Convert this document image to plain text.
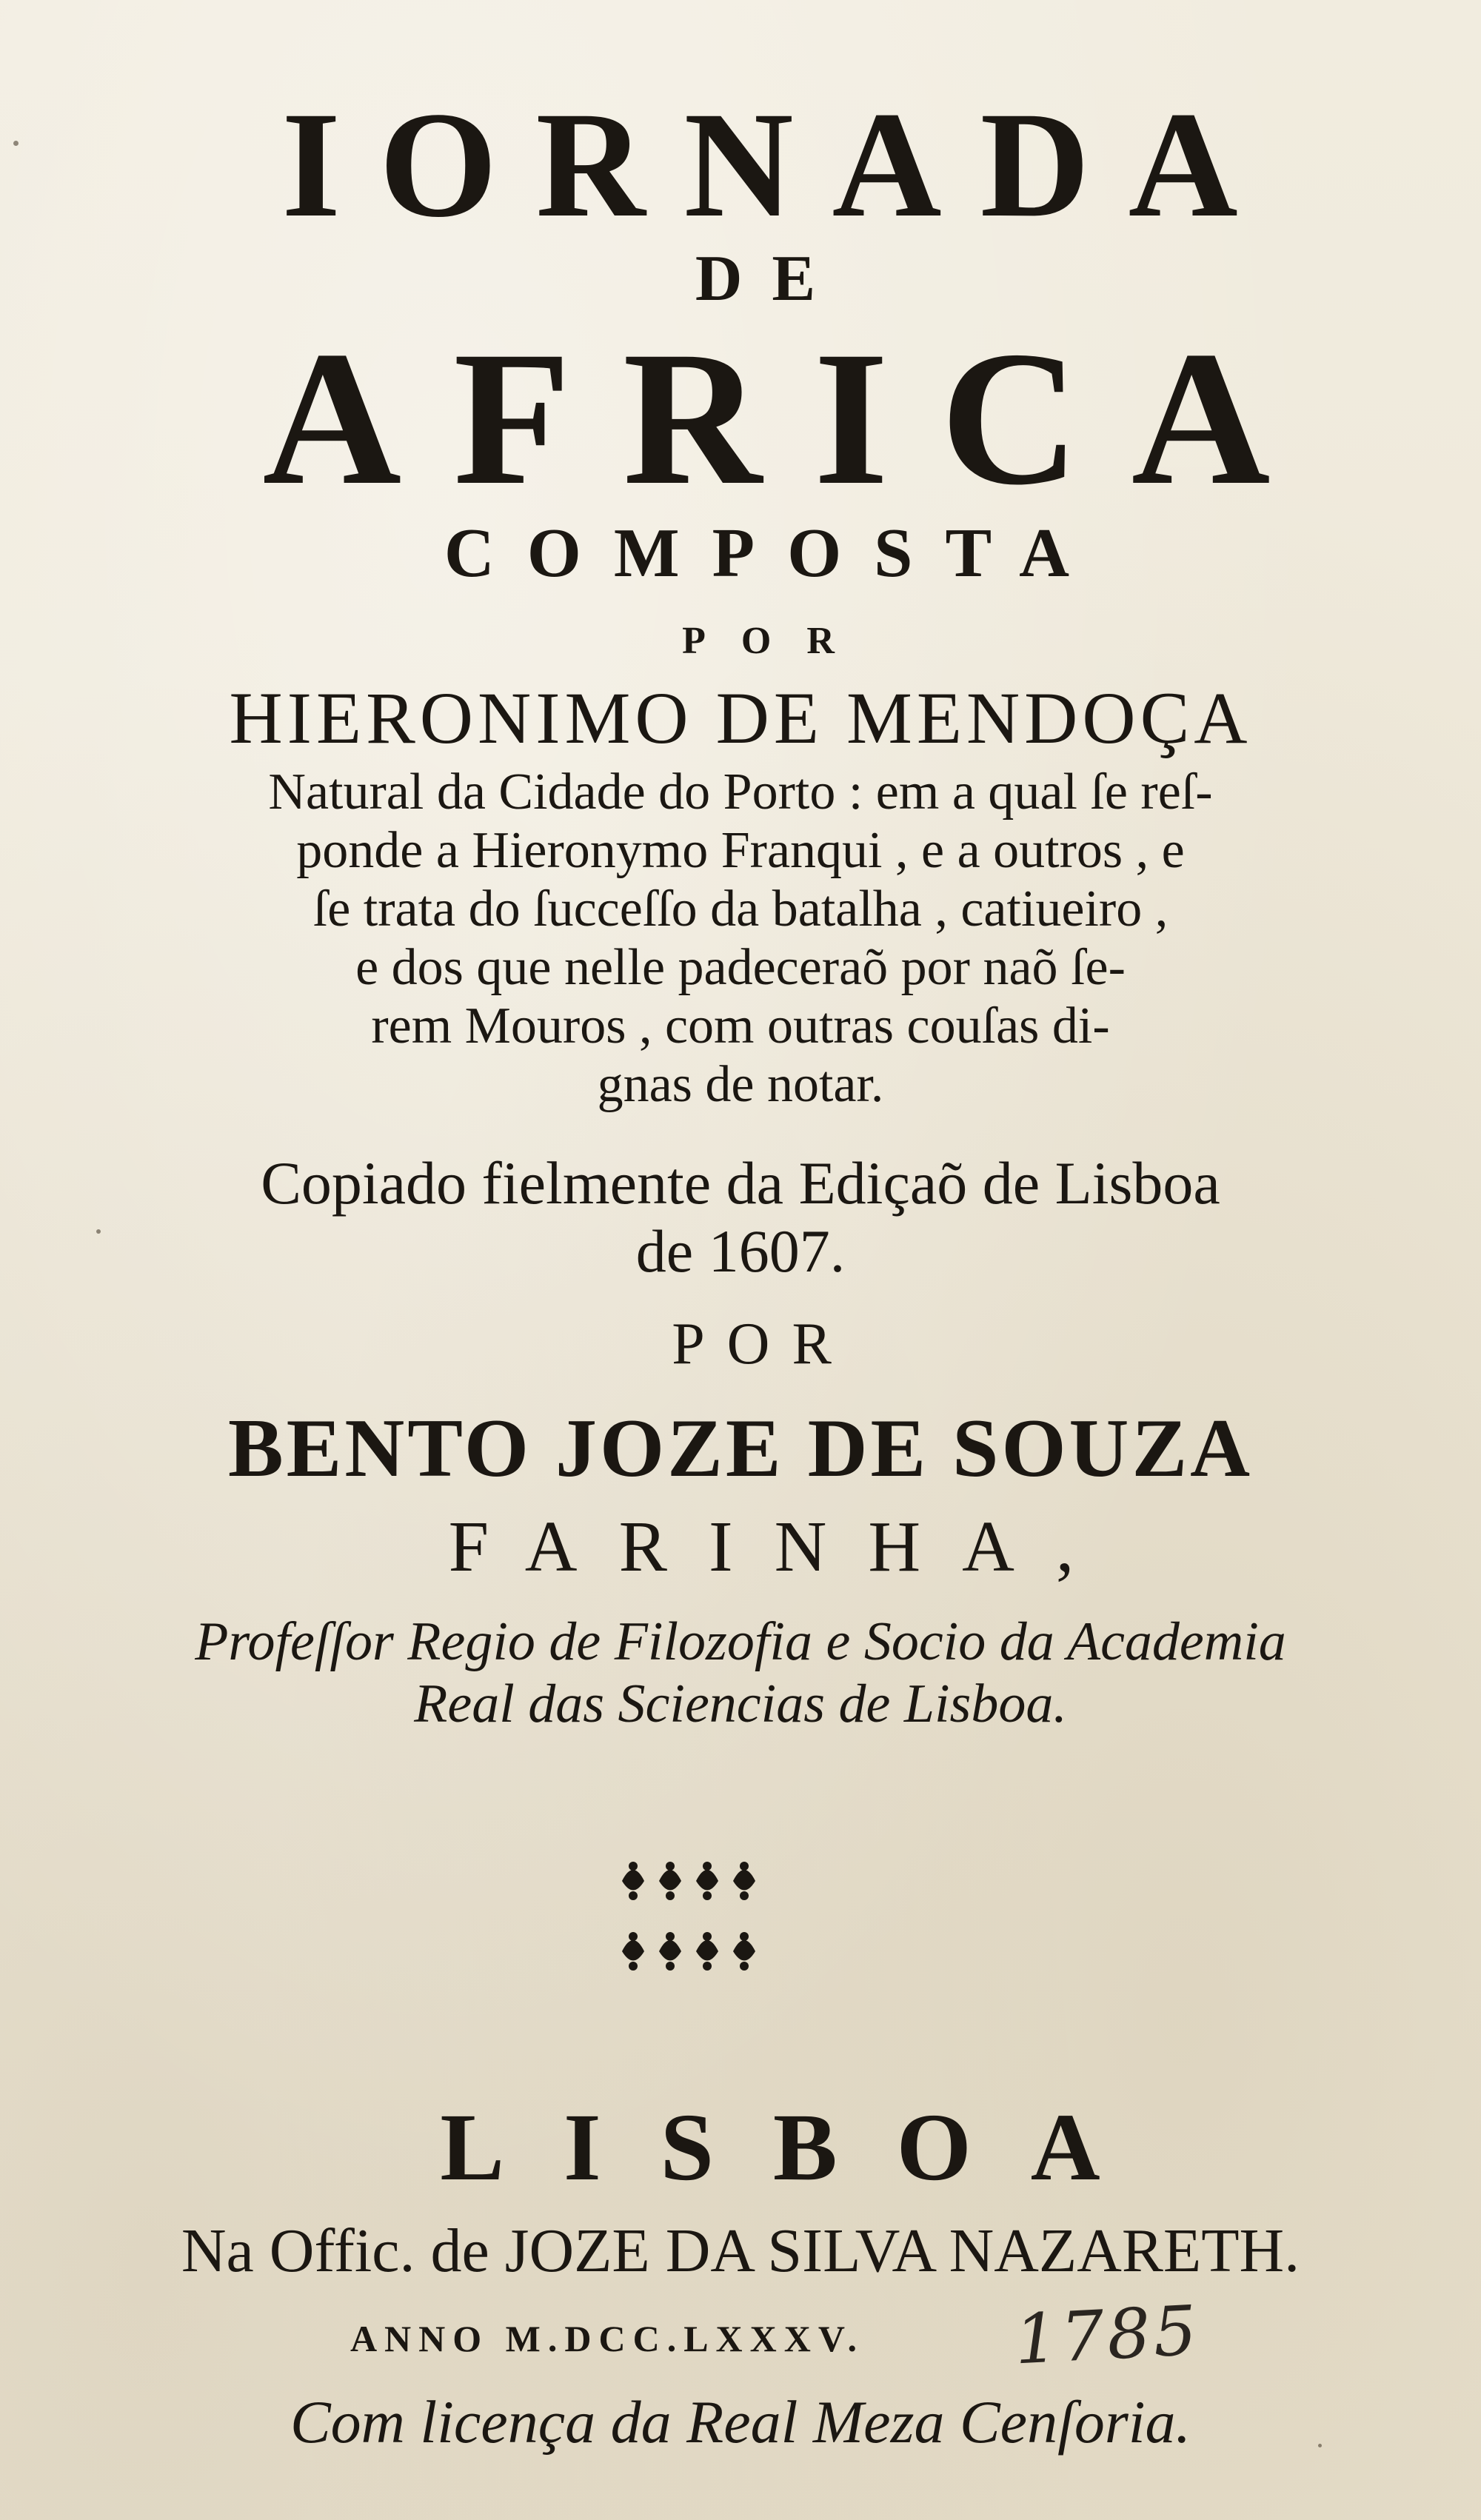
IORNADA
DE
AFRICA
COMPOSTA
POR
HIERONIMO DE MENDOÇA
Natural da Cidade do Porto : em a qual ſe reſ-
ponde a Hieronymo Franqui , e a outros , e
ſe trata do ſucceſſo da batalha , catiueiro ,
e dos que nelle padeceraõ por naõ ſe-
rem Mouros , com outras couſas di-
gnas de notar.
Copiado fielmente da Ediçaõ de Lisboa
de 1607.
POR
BENTO JOZE DE SOUZA
FARINHA,
Profeſſor Regio de Filozofia e Socio da Academia
Real das Sciencias de Lisboa.
LISBOA
Na Offic. de JOZE DA SILVA NAZARETH.
ANNO M.DCC.LXXXV.	1785
Com licença da Real Meza Cenſoria.
